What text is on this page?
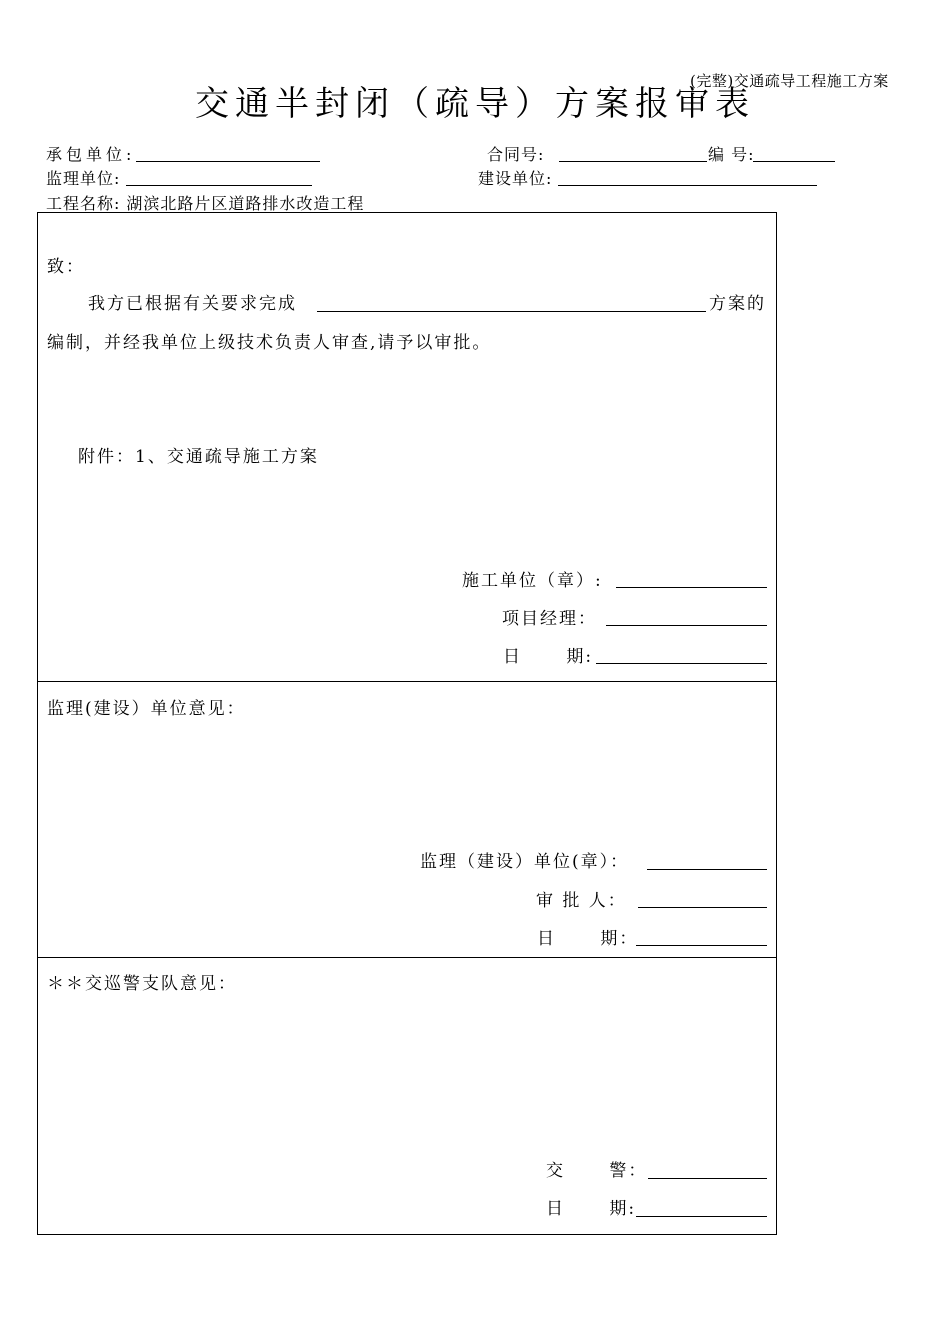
(完整)交通疏导工程施工方案
交通半封闭（疏导）方案报审表
承包单位:	合同号:	编 号:
监理单位:	建设单位:
工程名称: 湖滨北路片区道路排水改造工程
致：
我方已根据有关要求完成	方案的
编制，并经我单位上级技术负责人审查,请予以审批。
附件：1、交通疏导施工方案
施工单位（章）:
项目经理：
日      期:
监理(建设）单位意见：
监理（建设）单位(章）：
审 批 人：
日      期：
＊＊交巡警支队意见：
交      警：
日      期:
